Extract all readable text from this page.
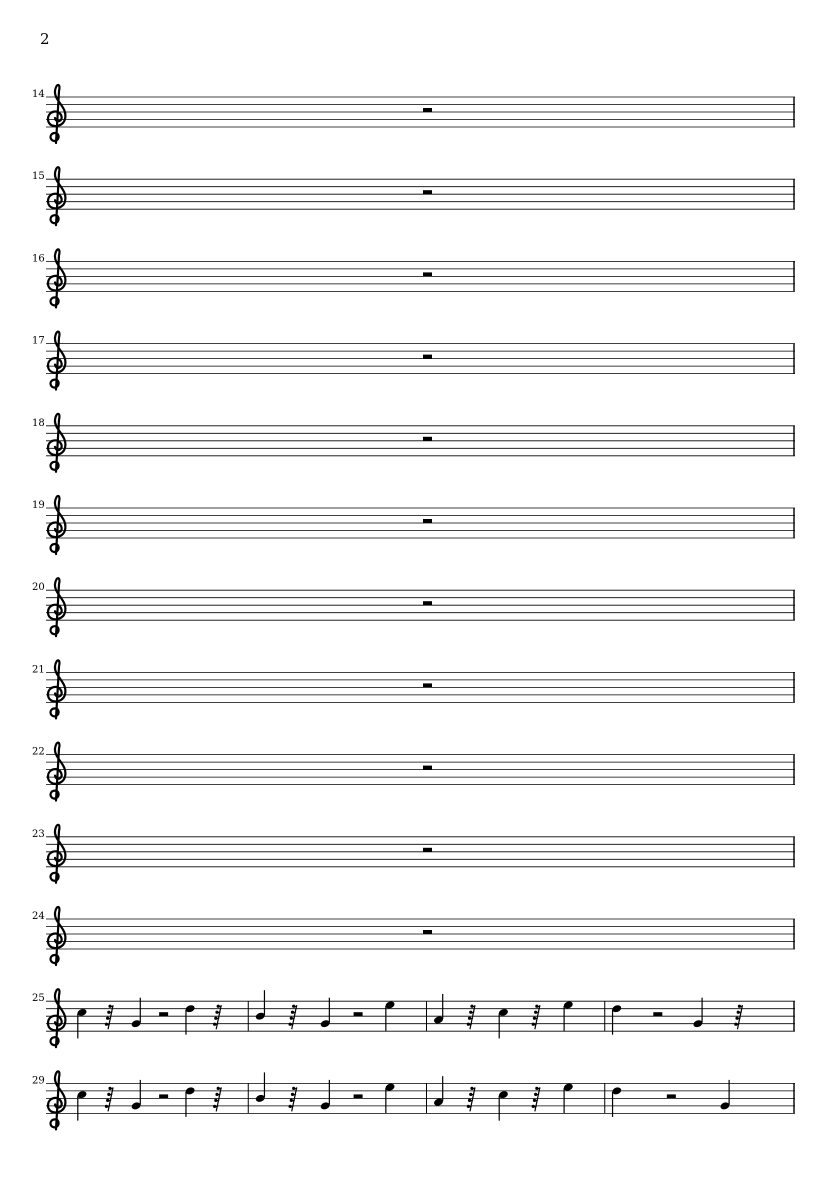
2
14
15
16
17
18
19
20
21
22
23
24
25
29
